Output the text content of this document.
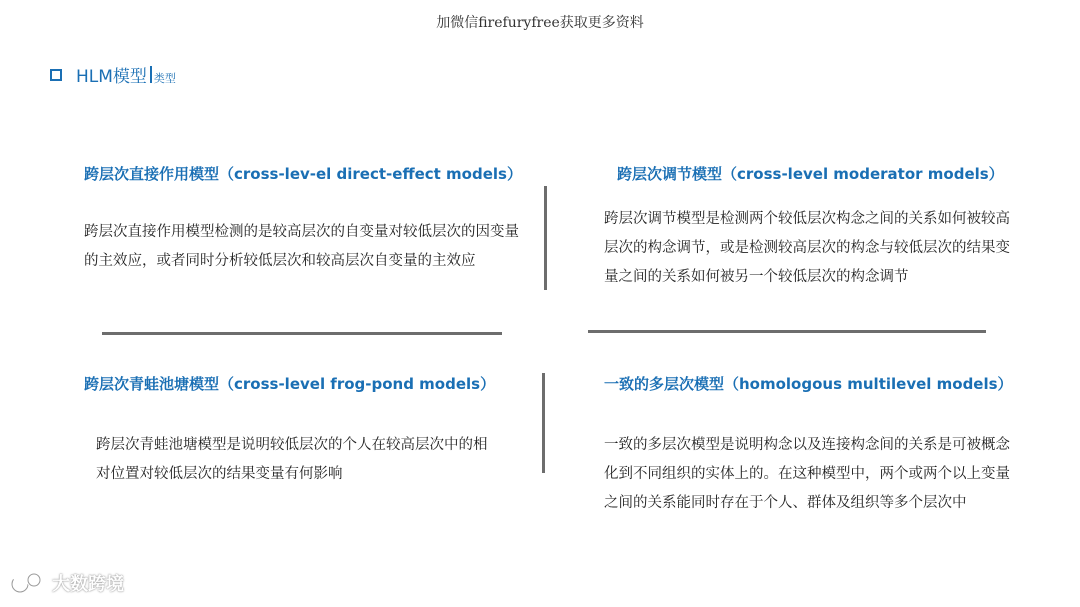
加微信firefuryfree获取更多资料
HLM模型 类型
跨层次直接作用模型（cross-lev-el direct-effect models）
跨层次直接作用模型检测的是较高层次的自变量对较低层次的因变量的主效应，或者同时分析较低层次和较高层次自变量的主效应
跨层次调节模型（cross-level moderator models）
跨层次调节模型是检测两个较低层次构念之间的关系如何被较高层次的构念调节，或是检测较高层次的构念与较低层次的结果变量之间的关系如何被另一个较低层次的构念调节
跨层次青蛙池塘模型（cross-level frog-pond models）
跨层次青蛙池塘模型是说明较低层次的个人在较高层次中的相对位置对较低层次的结果变量有何影响
一致的多层次模型（homologous multilevel models）
一致的多层次模型是说明构念以及连接构念间的关系是可被概念化到不同组织的实体上的。在这种模型中，两个或两个以上变量之间的关系能同时存在于个人、群体及组织等多个层次中
大数跨境
